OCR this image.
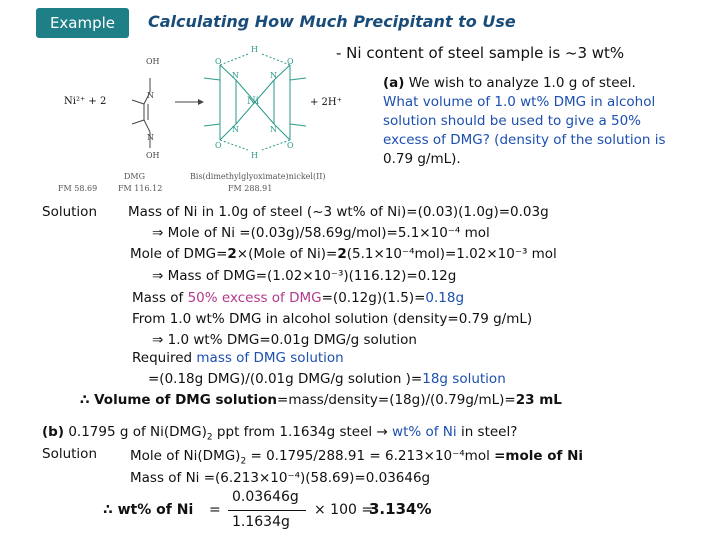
Example	Calculating How Much Precipitant to Use
- Ni content of steel sample is ~3 wt%
OH
N
N
OH
H
O	O
N	N
N	N
O	O
H
Ni²⁺ + 2	Ni	+ 2H⁺
DMG	Bis(dimethylglyoximate)nickel(II)
FM 58.69	FM 116.12	FM 288.91
(a) We wish to analyze 1.0 g of steel.
What volume of 1.0 wt% DMG in alcohol
solution should be used to give a 50%
excess of DMG? (density of the solution is
0.79 g/mL).
Solution Mass of Ni in 1.0g of steel (~3 wt% of Ni)=(0.03)(1.0g)=0.03g
⇒ Mole of Ni =(0.03g)/58.69g/mol)=5.1×10⁻⁴ mol
Mole of DMG=2×(Mole of Ni)=2(5.1×10⁻⁴mol)=1.02×10⁻³ mol
⇒ Mass of DMG=(1.02×10⁻³)(116.12)=0.12g
Mass of 50% excess of DMG=(0.12g)(1.5)=0.18g
From 1.0 wt% DMG in alcohol solution (density=0.79 g/mL)
⇒ 1.0 wt% DMG=0.01g DMG/g solution
Required mass of DMG solution
=(0.18g DMG)/(0.01g DMG/g solution )=18g solution
∴ Volume of DMG solution=mass/density=(18g)/(0.79g/mL)=23 mL
(b) 0.1795 g of $Ni(DMG)_2$ ppt from 1.1634g steel → wt% of Ni in steel?
Solution Mole of $Ni(DMG)_2 = 0.1795/288.91 = 6.213\times 10^{-4}mol$ =mole of Ni
Mass of Ni =(6.213×10⁻⁴)(58.69)=0.03646g
∴ wt% of Ni =
0.03646g
1.1634g
× 100 =
3.134%
